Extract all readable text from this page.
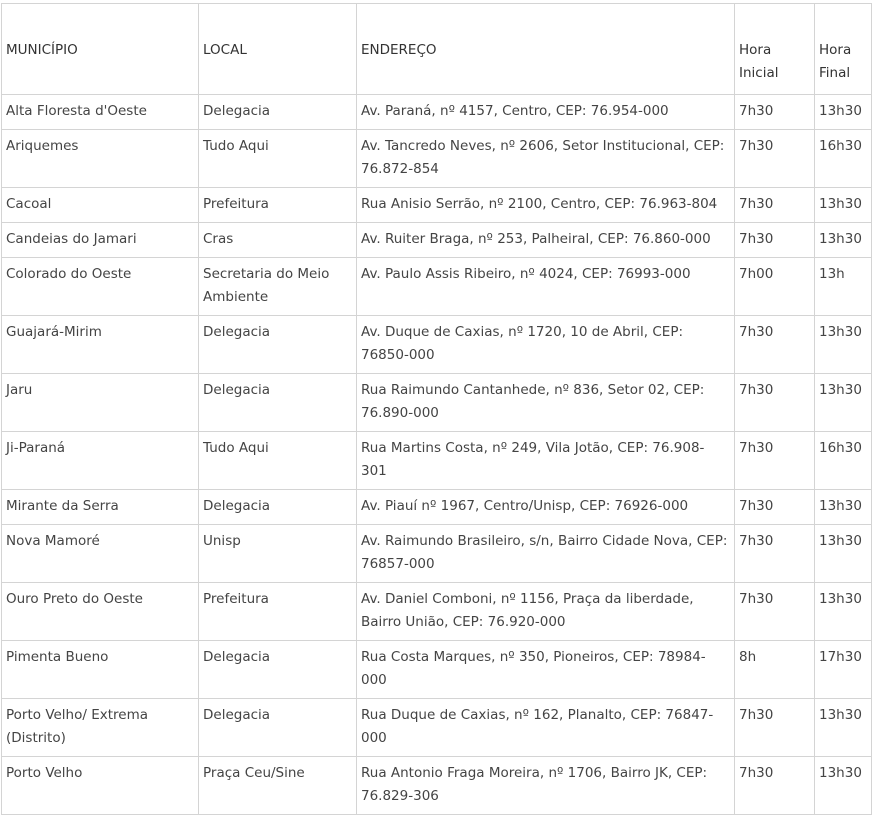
MUNICÍPIO	LOCAL	ENDEREÇO	Hora Inicial	Hora Final
Alta Floresta d'Oeste	Delegacia	Av. Paraná, nº 4157, Centro, CEP: 76.954-000	7h30	13h30
Ariquemes	Tudo Aqui	Av. Tancredo Neves, nº 2606, Setor Institucional, CEP: 76.872-854	7h30	16h30
Cacoal	Prefeitura	Rua Anisio Serrão, nº 2100, Centro, CEP: 76.963-804	7h30	13h30
Candeias do Jamari	Cras	Av. Ruiter Braga, nº 253, Palheiral, CEP: 76.860-000	7h30	13h30
Colorado do Oeste	Secretaria do Meio Ambiente	Av. Paulo Assis Ribeiro, nº 4024, CEP: 76993-000	7h00	13h
Guajará-Mirim	Delegacia	Av. Duque de Caxias, nº 1720, 10 de Abril, CEP: 76850-000	7h30	13h30
Jaru	Delegacia	Rua Raimundo Cantanhede, nº 836, Setor 02, CEP: 76.890-000	7h30	13h30
Ji-Paraná	Tudo Aqui	Rua Martins Costa, nº 249, Vila Jotão, CEP: 76.908-301	7h30	16h30
Mirante da Serra	Delegacia	Av. Piauí nº 1967, Centro/Unisp, CEP: 76926-000	7h30	13h30
Nova Mamoré	Unisp	Av. Raimundo Brasileiro, s/n, Bairro Cidade Nova, CEP: 76857-000	7h30	13h30
Ouro Preto do Oeste	Prefeitura	Av. Daniel Comboni, nº 1156, Praça da liberdade, Bairro União, CEP: 76.920-000	7h30	13h30
Pimenta Bueno	Delegacia	Rua Costa Marques, nº 350, Pioneiros, CEP: 78984-000	8h	17h30
Porto Velho/ Extrema (Distrito)	Delegacia	Rua Duque de Caxias, nº 162, Planalto, CEP: 76847-000	7h30	13h30
Porto Velho	Praça Ceu/Sine	Rua Antonio Fraga Moreira, nº 1706, Bairro JK, CEP: 76.829-306	7h30	13h30
